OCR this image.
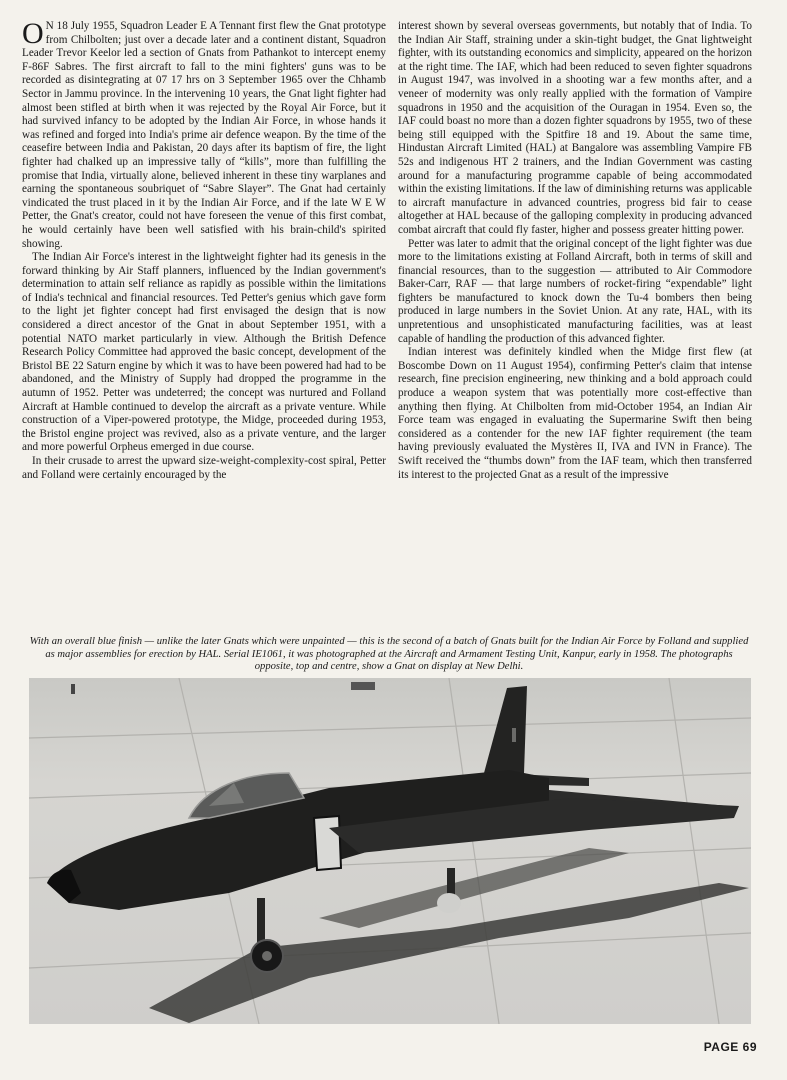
O N 18 July 1955, Squadron Leader E A Tennant first flew the Gnat prototype from Chilbolten; just over a decade later and a continent distant, Squadron Leader Trevor Keelor led a section of Gnats from Pathankot to intercept enemy F-86F Sabres. The first aircraft to fall to the mini fighters' guns was to be recorded as disintegrating at 07 17 hrs on 3 September 1965 over the Chhamb Sector in Jammu province. In the intervening 10 years, the Gnat light fighter had almost been stifled at birth when it was rejected by the Royal Air Force, but it had survived infancy to be adopted by the Indian Air Force, in whose hands it was refined and forged into India's prime air defence weapon. By the time of the ceasefire between India and Pakistan, 20 days after its baptism of fire, the light fighter had chalked up an impressive tally of “kills”, more than fulfilling the promise that India, virtually alone, believed inherent in these tiny warplanes and earning the spontaneous soubriquet of “Sabre Slayer”. The Gnat had certainly vindicated the trust placed in it by the Indian Air Force, and if the late W E W Petter, the Gnat's creator, could not have foreseen the venue of this first combat, he would certainly have been well satisfied with his brain-child's spirited showing.

The Indian Air Force's interest in the lightweight fighter had its genesis in the forward thinking by Air Staff planners, influenced by the Indian government's determination to attain self reliance as rapidly as possible within the limitations of India's technical and financial resources. Ted Petter's genius which gave form to the light jet fighter concept had first envisaged the design that is now considered a direct ancestor of the Gnat in about September 1951, with a potential NATO market particularly in view. Although the British Defence Research Policy Committee had approved the basic concept, development of the Bristol BE 22 Saturn engine by which it was to have been powered had had to be abandoned, and the Ministry of Supply had dropped the programme in the autumn of 1952. Petter was undeterred; the concept was nurtured and Folland Aircraft at Hamble continued to develop the aircraft as a private venture. While construction of a Viper-powered prototype, the Midge, proceeded during 1953, the Bristol engine project was revived, also as a private venture, and the larger and more powerful Orpheus emerged in due course.

In their crusade to arrest the upward size-weight-complexity-cost spiral, Petter and Folland were certainly encouraged by the

interest shown by several overseas governments, but notably that of India. To the Indian Air Staff, straining under a skin-tight budget, the Gnat lightweight fighter, with its outstanding economics and simplicity, appeared on the horizon at the right time. The IAF, which had been reduced to seven fighter squadrons in August 1947, was involved in a shooting war a few months after, and a veneer of modernity was only really applied with the formation of Vampire squadrons in 1950 and the acquisition of the Ouragan in 1954. Even so, the IAF could boast no more than a dozen fighter squadrons by 1955, two of these being still equipped with the Spitfire 18 and 19. About the same time, Hindustan Aircraft Limited (HAL) at Bangalore was assembling Vampire FB 52s and indigenous HT 2 trainers, and the Indian Government was casting around for a manufacturing programme capable of being accommodated within the existing limitations. If the law of diminishing returns was applicable to aircraft manufacture in advanced countries, progress bid fair to cease altogether at HAL because of the galloping complexity in producing advanced combat aircraft that could fly faster, higher and possess greater hitting power.

Petter was later to admit that the original concept of the light fighter was due more to the limitations existing at Folland Aircraft, both in terms of skill and financial resources, than to the suggestion — attributed to Air Commodore Baker-Carr, RAF — that large numbers of rocket-firing “expendable” light fighters be manufactured to knock down the Tu-4 bombers then being produced in large numbers in the Soviet Union. At any rate, HAL, with its unpretentious and unsophisticated manufacturing facilities, was at least capable of handling the production of this advanced fighter.

Indian interest was definitely kindled when the Midge first flew (at Boscombe Down on 11 August 1954), confirming Petter's claim that intense research, fine precision engineering, new thinking and a bold approach could produce a weapon system that was potentially more cost-effective than anything then flying. At Chilbolten from mid-October 1954, an Indian Air Force team was engaged in evaluating the Supermarine Swift then being considered as a contender for the new IAF fighter requirement (the team having previously evaluated the Mystères II, IVA and IVN in France). The Swift received the “thumbs down” from the IAF team, which then transferred its interest to the projected Gnat as a result of the impressive

With an overall blue finish — unlike the later Gnats which were unpainted — this is the second of a batch of Gnats built for the Indian Air Force by Folland and supplied as major assemblies for erection by HAL. Serial IE1061, it was photographed at the Aircraft and Armament Testing Unit, Kanpur, early in 1958. The photographs opposite, top and centre, show a Gnat on display at New Delhi.
PAGE 69
